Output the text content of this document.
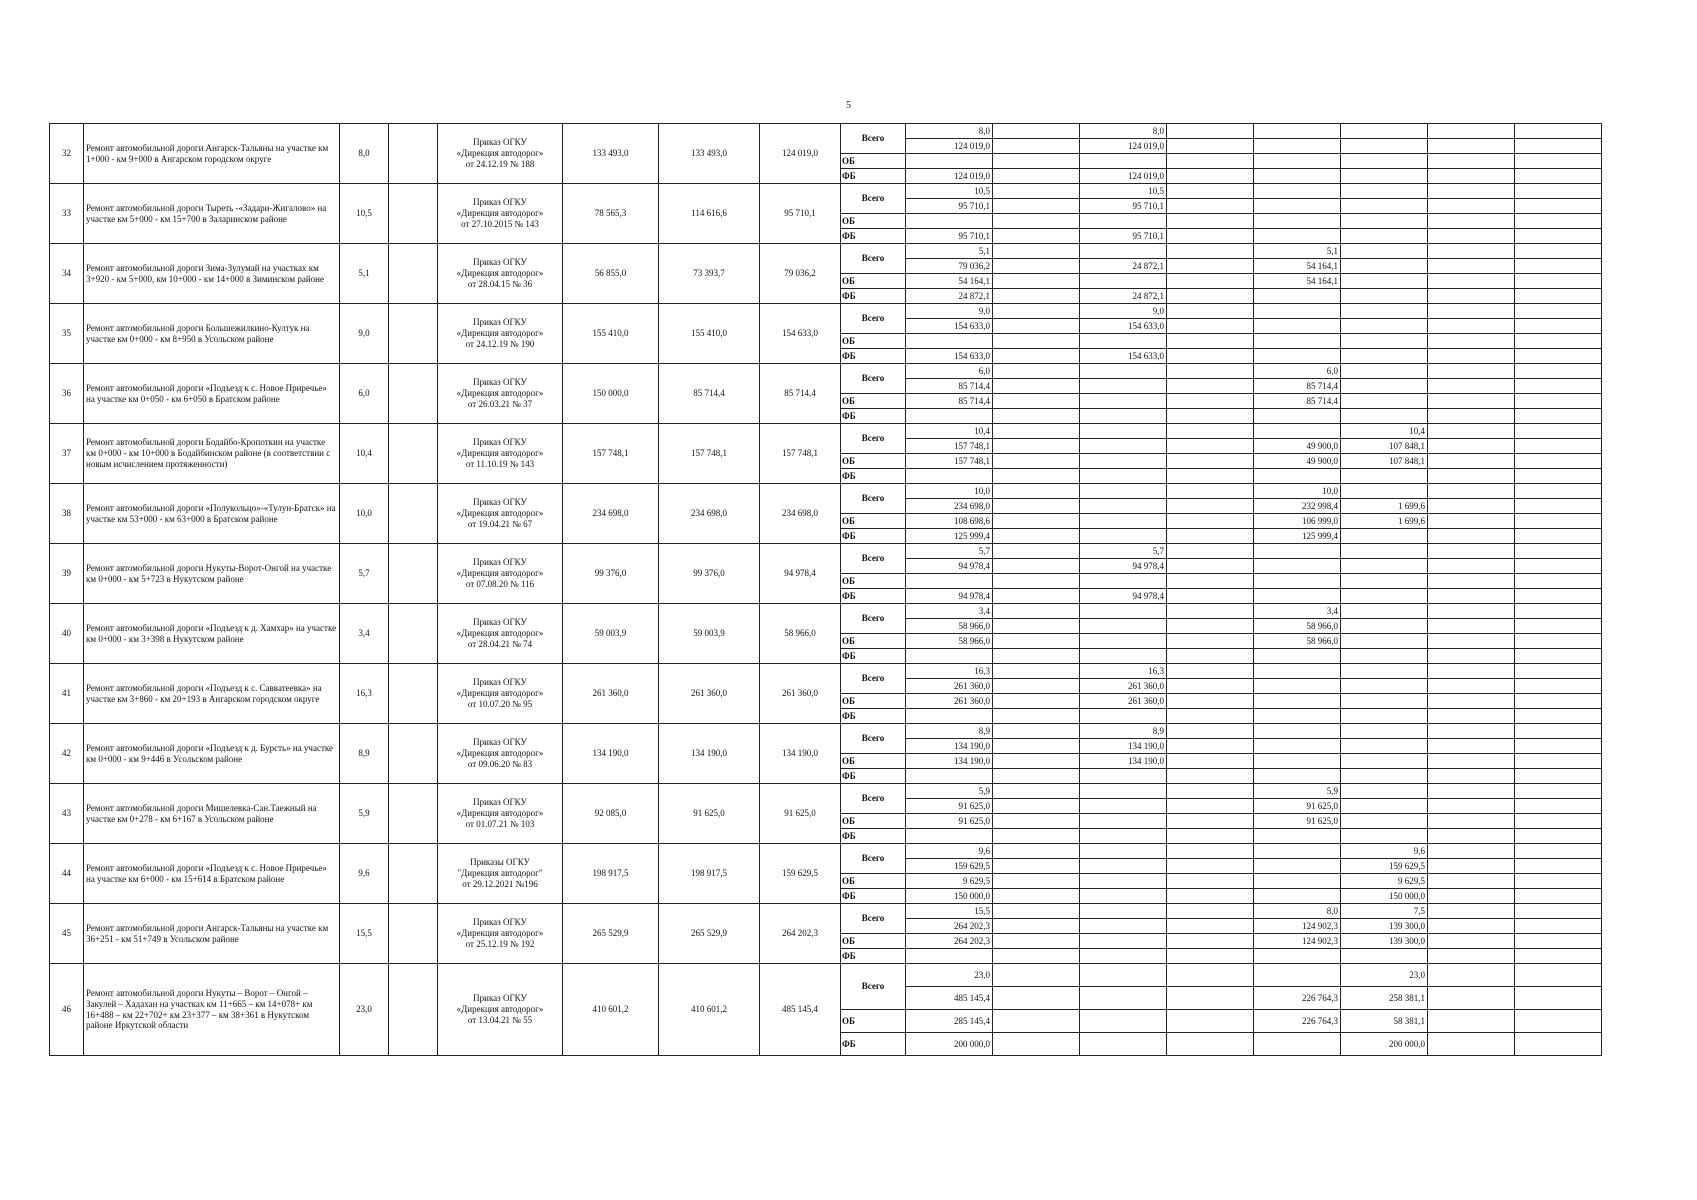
5
32	Ремонт автомобильной дороги Ангарск-Тальяны на участке км 1+000 - км 9+000 в Ангарском городском округе	8,0		Приказ ОГКУ
«Дирекция автодорог»
от 24.12.19 № 188	133 493,0	133 493,0	124 019,0	Всего	8,0		8,0					
									124 019,0		124 019,0					
								ОБ								
								ФБ	124 019,0		124 019,0					
33	Ремонт автомобильной дороги Тыреть -«Задари-Жигалово» на участке км 5+000 - км 15+700 в Заларинском районе	10,5		Приказ ОГКУ
«Дирекция автодорог»
от 27.10.2015 № 143	78 565,3	114 616,6	95 710,1	Всего	10,5		10,5					
									95 710,1		95 710,1					
								ОБ								
								ФБ	95 710,1		95 710,1					
34	Ремонт автомобильной дороги Зима-Зулумай на участках км 3+920 - км 5+000, км 10+000 - км 14+000 в Зиминском районе	5,1		Приказ ОГКУ
«Дирекция автодорог»
от 28.04.15 № 36	56 855,0	73 393,7	79 036,2	Всего	5,1				5,1			
									79 036,2		24 872,1		54 164,1			
								ОБ	54 164,1				54 164,1			
								ФБ	24 872,1		24 872,1					
35	Ремонт автомобильной дороги Большежилкино-Култук на участке км 0+000 - км 8+950 в Усольском районе	9,0		Приказ ОГКУ
«Дирекция автодорог»
от 24.12.19 № 190	155 410,0	155 410,0	154 633,0	Всего	9,0		9,0					
									154 633,0		154 633,0					
								ОБ								
								ФБ	154 633,0		154 633,0					
36	Ремонт автомобильной дороги «Подъезд к с. Новое Приречье» на участке км 0+050 - км 6+050 в Братском районе	6,0		Приказ ОГКУ
«Дирекция автодорог»
от 26.03.21 № 37	150 000,0	85 714,4	85 714,4	Всего	6,0				6,0			
									85 714,4				85 714,4			
								ОБ	85 714,4				85 714,4			
								ФБ								
37	Ремонт автомобильной дороги Бодайбо-Кропоткин на участке км 0+000 - км 10+000 в Бодайбинском районе (в соответствии с новым исчислением протяженности)	10,4		Приказ ОГКУ
«Дирекция автодорог»
от 11.10.19 № 143	157 748,1	157 748,1	157 748,1	Всего	10,4					10,4		
									157 748,1				49 900,0	107 848,1		
								ОБ	157 748,1				49 900,0	107 848,1		
								ФБ								
38	Ремонт автомобильной дороги «Полукольцо»-«Тулун-Братск» на участке км 53+000 - км 63+000 в Братском районе	10,0		Приказ ОГКУ
«Дирекция автодорог»
от 19.04.21 № 67	234 698,0	234 698,0	234 698,0	Всего	10,0				10,0			
									234 698,0				232 998,4	1 699,6		
								ОБ	108 698,6				106 999,0	1 699,6		
								ФБ	125 999,4				125 999,4			
39	Ремонт автомобильной дороги Нукуты-Ворот-Онгой на участке км 0+000 - км 5+723 в Нукутском районе	5,7		Приказ ОГКУ
«Дирекция автодорог»
от 07.08.20 № 116	99 376,0	99 376,0	94 978,4	Всего	5,7		5,7					
									94 978,4		94 978,4					
								ОБ								
								ФБ	94 978,4		94 978,4					
40	Ремонт автомобильной дороги «Подъезд к д. Хамхар» на участке км 0+000 - км 3+398 в Нукутском районе	3,4		Приказ ОГКУ
«Дирекция автодорог»
от 28.04.21 № 74	59 003,9	59 003,9	58 966,0	Всего	3,4				3,4			
									58 966,0				58 966,0			
								ОБ	58 966,0				58 966,0			
								ФБ								
41	Ремонт автомобильной дороги «Подъезд к с. Савватеевка» на участке км 3+860 - км 20+193 в Ангарском городском округе	16,3		Приказ ОГКУ
«Дирекция автодорог»
от 10.07.20 № 95	261 360,0	261 360,0	261 360,0	Всего	16,3		16,3					
									261 360,0		261 360,0					
								ОБ	261 360,0		261 360,0					
								ФБ								
42	Ремонт автомобильной дороги «Подъезд к д. Бурсть» на участке км 0+000 - км 9+446 в Усольском районе	8,9		Приказ ОГКУ
«Дирекция автодорог»
от 09.06.20 № 83	134 190,0	134 190,0	134 190,0	Всего	8,9		8,9					
									134 190,0		134 190,0					
								ОБ	134 190,0		134 190,0					
								ФБ								
43	Ремонт автомобильной дороги Мишелевка-Сан.Таежный на участке км 0+278 - км 6+167 в Усольском районе	5,9		Приказ ОГКУ
«Дирекция автодорог»
от 01.07.21 № 103	92 085,0	91 625,0	91 625,0	Всего	5,9				5,9			
									91 625,0				91 625,0			
								ОБ	91 625,0				91 625,0			
								ФБ								
44	Ремонт автомобильной дороги «Подъезд к с. Новое Приречье» на участке км 6+000 - км 15+614 в Братском районе	9,6		Приказы ОГКУ
"Дирекция автодорог"
от 29.12.2021 №196	198 917,5	198 917,5	159 629,5	Всего	9,6					9,6		
									159 629,5					159 629,5		
								ОБ	9 629,5					9 629,5		
								ФБ	150 000,0					150 000,0		
45	Ремонт автомобильной дороги Ангарск-Тальяны на участке км 36+251 - км 51+749 в Усольском районе	15,5		Приказ ОГКУ
«Дирекция автодорог»
от 25.12.19 № 192	265 529,9	265 529,9	264 202,3	Всего	15,5				8,0	7,5		
									264 202,3				124 902,3	139 300,0		
								ОБ	264 202,3				124 902,3	139 300,0		
								ФБ								
46	Ремонт автомобильной дороги Нукуты – Ворот – Онгой – Закулей – Хадахан на участках км 11+665 – км 14+078+ км 16+488 – км 22+702+ км 23+377 – км 38+361 в Нукутском районе Иркутской области	23,0		Приказ ОГКУ
«Дирекция автодорог»
от 13.04.21 № 55	410 601,2	410 601,2	485 145,4	Всего	23,0					23,0		
									485 145,4				226 764,3	258 381,1		
								ОБ	285 145,4				226 764,3	58 381,1		
								ФБ	200 000,0					200 000,0		
